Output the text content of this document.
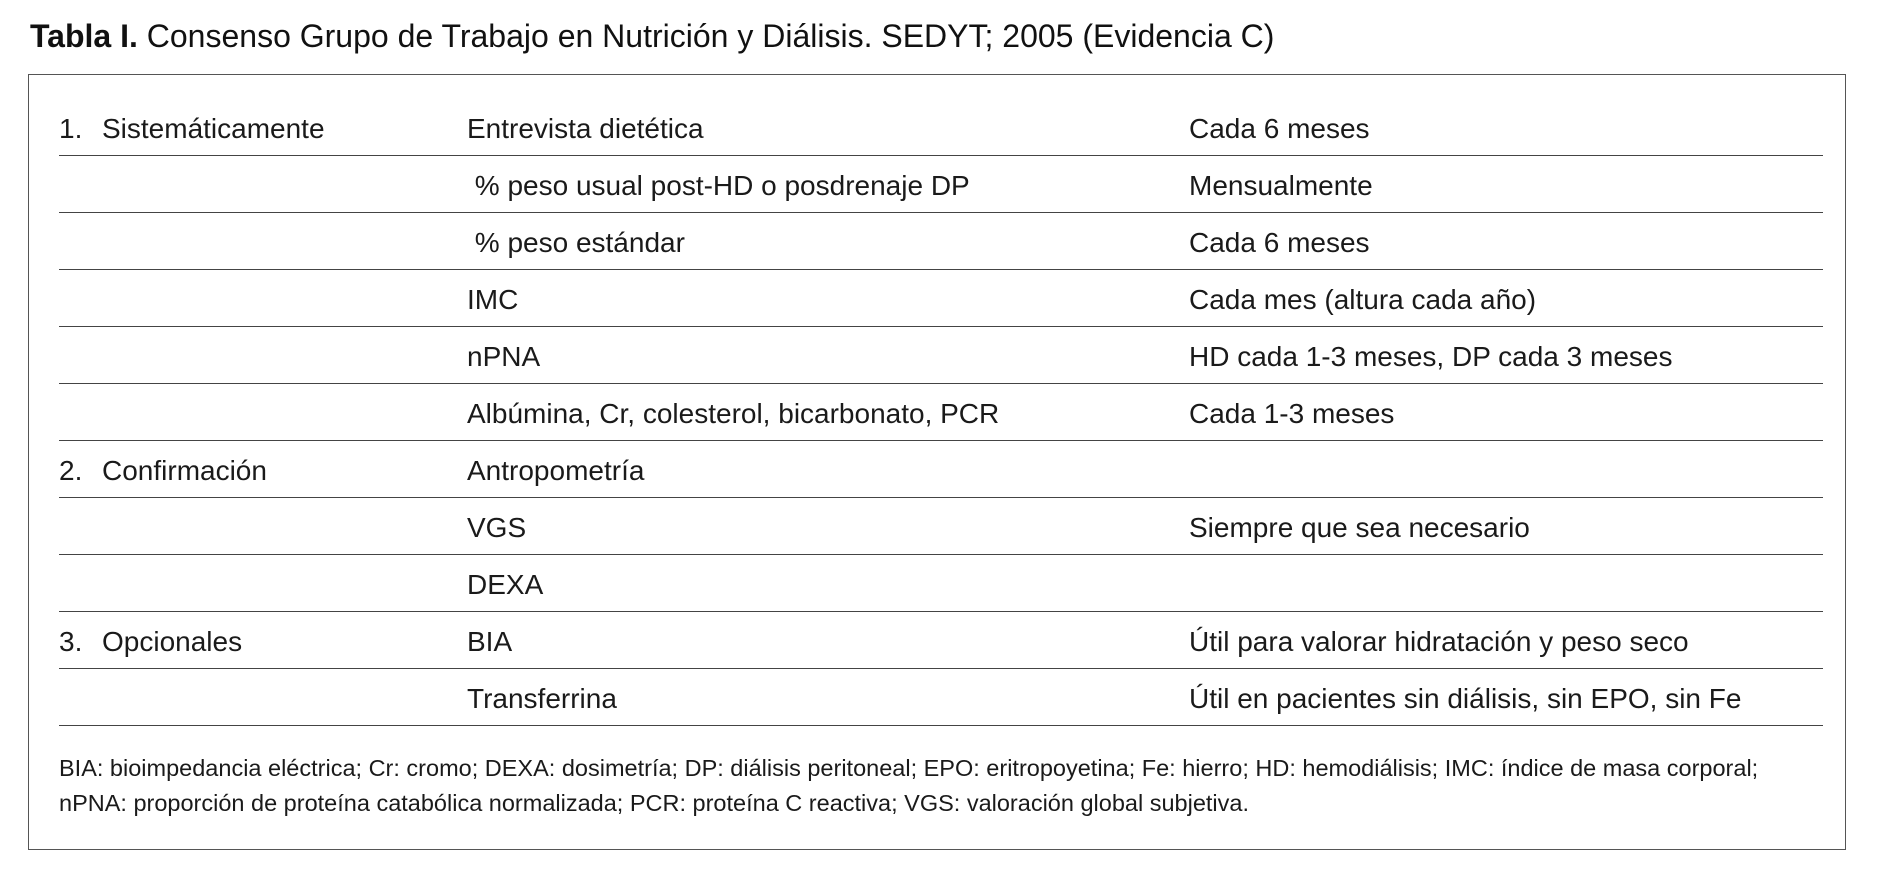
Tabla I. Consenso Grupo de Trabajo en Nutrición y Diálisis. SEDYT; 2005 (Evidencia C)
1. Sistemáticamente	Entrevista dietética	Cada 6 meses
% peso usual post-HD o posdrenaje DP	Mensualmente
% peso estándar	Cada 6 meses
IMC	Cada mes (altura cada año)
nPNA	HD cada 1-3 meses, DP cada 3 meses
Albúmina, Cr, colesterol, bicarbonato, PCR	Cada 1-3 meses
2. Confirmación	Antropometría
VGS	Siempre que sea necesario
DEXA
3. Opcionales	BIA	Útil para valorar hidratación y peso seco
Transferrina	Útil en pacientes sin diálisis, sin EPO, sin Fe
BIA: bioimpedancia eléctrica; Cr: cromo; DEXA: dosimetría; DP: diálisis peritoneal; EPO: eritropoyetina; Fe: hierro; HD: hemodiálisis; IMC: índice de masa corporal; nPNA: proporción de proteína catabólica normalizada; PCR: proteína C reactiva; VGS: valoración global subjetiva.
